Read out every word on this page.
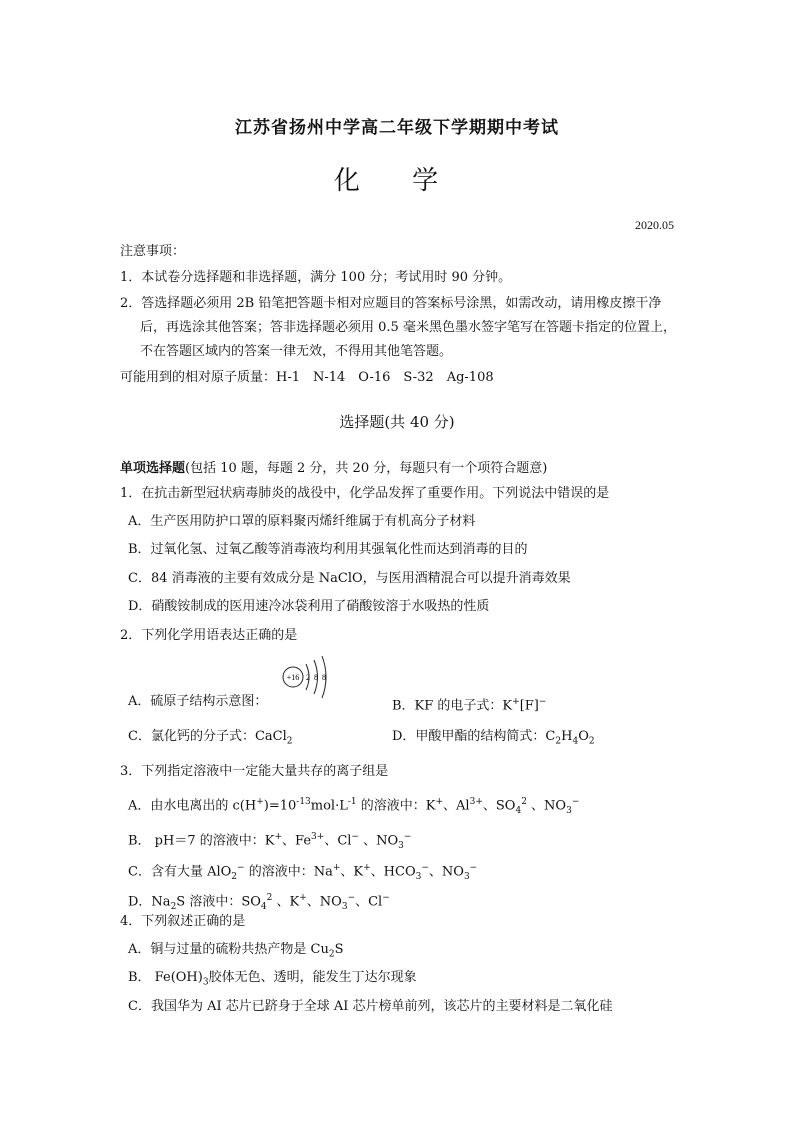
江苏省扬州中学高二年级下学期期中考试
化 学
2020.05
注意事项：
1．本试卷分选择题和非选择题，满分 100 分；考试用时 90 分钟。
2．答选择题必须用 2B 铅笔把答题卡相对应题目的答案标号涂黑，如需改动，请用橡皮擦干净
后，再选涂其他答案；答非选择题必须用 0.5 毫米黑色墨水签字笔写在答题卡指定的位置上，
不在答题区域内的答案一律无效，不得用其他笔答题。
可能用到的相对原子质量：H-1　N-14　O-16　S-32　Ag-108
选择题(共 40 分)
单项选择题(包括 10 题，每题 2 分，共 20 分，每题只有一个项符合题意)
1．在抗击新型冠状病毒肺炎的战役中，化学品发挥了重要作用。下列说法中错误的是
A．生产医用防护口罩的原料聚丙烯纤维属于有机高分子材料
B．过氧化氢、过氧乙酸等消毒液均利用其强氧化性而达到消毒的目的
C．84 消毒液的主要有效成分是 NaClO，与医用酒精混合可以提升消毒效果
D．硝酸铵制成的医用速冷冰袋利用了硝酸铵溶于水吸热的性质
2．下列化学用语表达正确的是
A．硫原子结构示意图：
+16 2 8 8
B．KF 的电子式：K+[F]−
C．氯化钙的分子式：CaCl$_2$	D．甲酸甲酯的结构简式：$C_2H_4O_2$
3．下列指定溶液中一定能大量共存的离子组是
A．由水电离出的 $c(H^+)=10^{-13}mol\cdot L^{-1}$ 的溶液中：K+、$Al^{3+}$、$SO_4^2$ 、$NO_3^-$
B． pH＝7 的溶液中：K+、$Fe^{3+}$、Cl− 、$NO_3^-$
C．含有大量 AlO$_2$− 的溶液中：Na+、K+、$HCO_3^-$、$NO_3^-$
D．$Na_2S$ 溶液中：$SO_4^2$ 、K+、$NO_3^-$、Cl−
4．下列叙述正确的是
A．铜与过量的硫粉共热产物是 $Cu_2S$
B． $Fe(OH)_3$胶体无色、透明，能发生丁达尔现象
C．我国华为 AI 芯片已跻身于全球 AI 芯片榜单前列，该芯片的主要材料是二氧化硅
